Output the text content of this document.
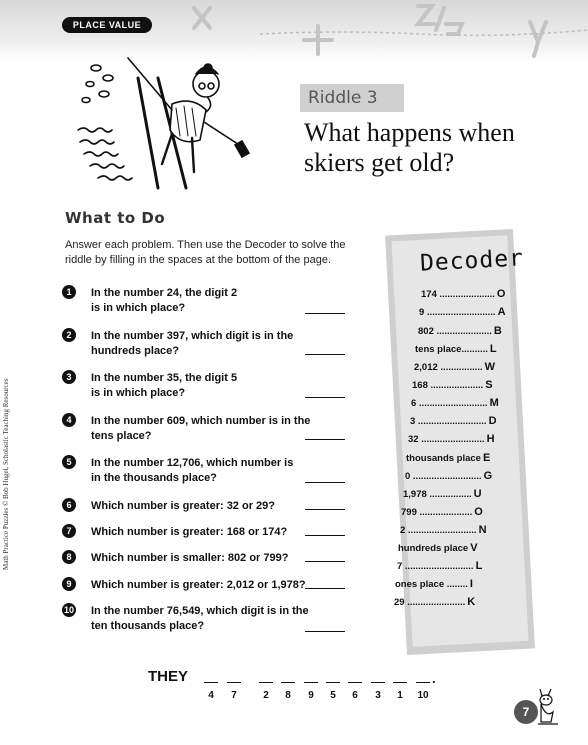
PLACE VALUE
Math Practice Puzzles © Bob Hugel, Scholastic Teaching Resources
Riddle 3
What happens when
skiers get old?
What to Do
Answer each problem. Then use the Decoder to solve the
riddle by filling in the spaces at the bottom of the page.
1	In the number 24, the digit 2
is in which place?
2	In the number 397, which digit is in the
hundreds place?
3	In the number 35, the digit 5
is in which place?
4	In the number 609, which number is in the
tens place?
5	In the number 12,706, which number is
in the thousands place?
6	Which number is greater: 32 or 29?
7	Which number is greater: 168 or 174?
8	Which number is smaller: 802 or 799?
9	Which number is greater: 2,012 or 1,978?
10 In the number 76,549, which digit is in the
ten thousands place?
Decoder
174 ..................... O
9 .......................... A
802 ..................... B
tens place.......... L
2,012 ................ W
168 .................... S
6 .......................... M
3 .......................... D
32 ........................ H
thousands place E
0 .......................... G
1,978 ................ U
799 .................... O
2 .......................... N
hundreds place V
7 .......................... L
ones place ........ I
29 ...................... K
THEY	.
4	7	2	8	9	5	6	3	1	10
7
